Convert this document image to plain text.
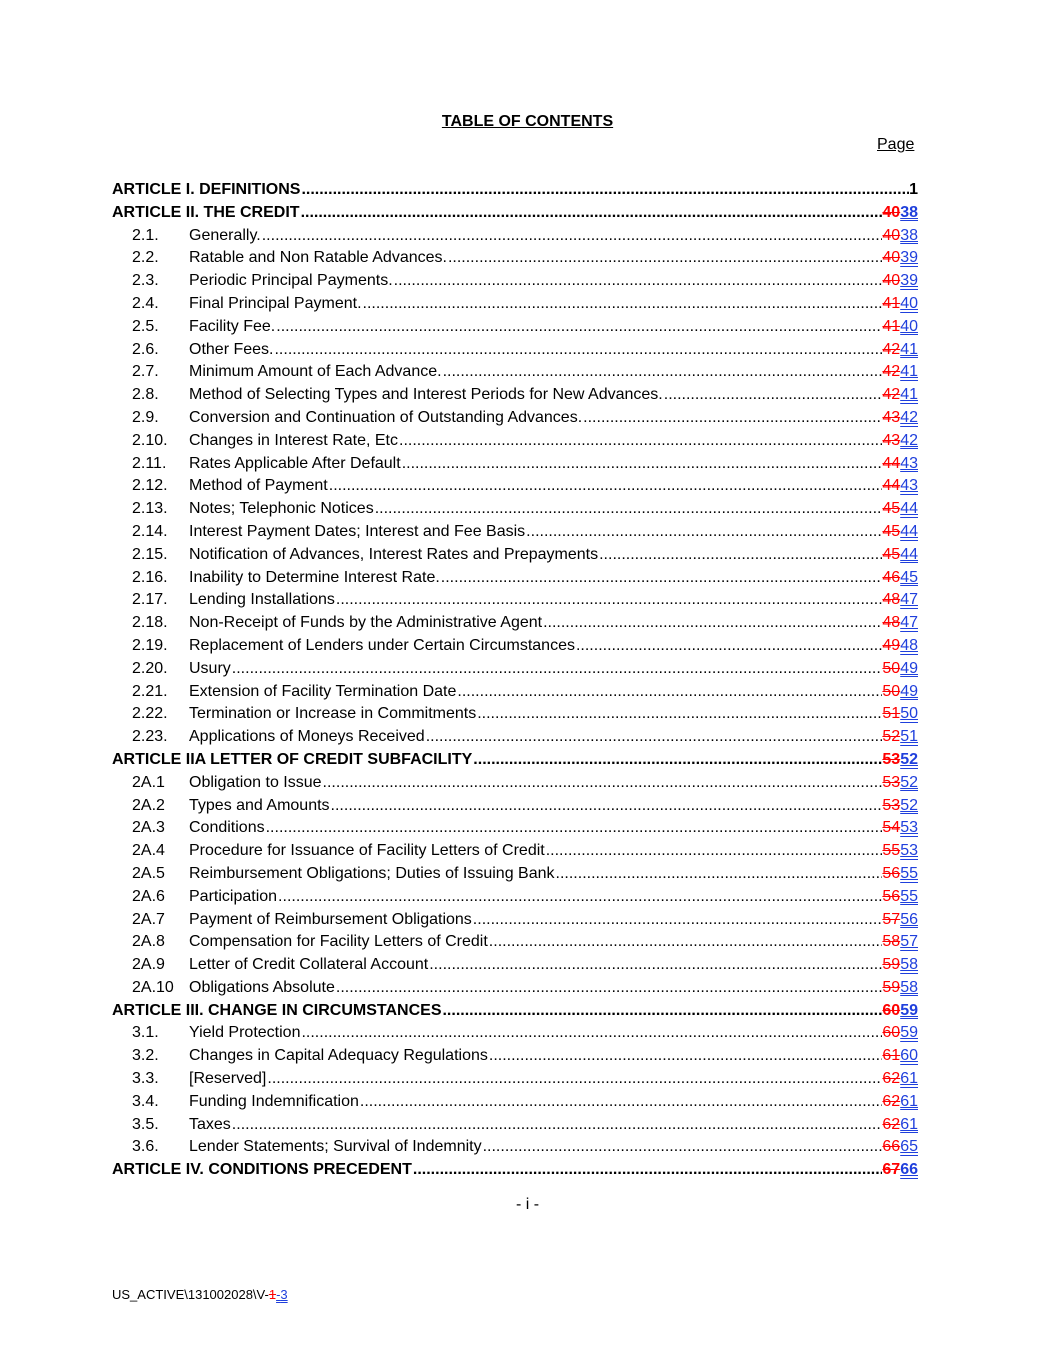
TABLE OF CONTENTS
Page
ARTICLE I. DEFINITIONS .....	1
ARTICLE II. THE CREDIT .....	4038
2.1.	Generally. .....	4038
2.2.	Ratable and Non Ratable Advances. .....	4039
2.3.	Periodic Principal Payments. .....	4039
2.4.	Final Principal Payment. .....	4140
2.5.	Facility Fee. .....	4140
2.6.	Other Fees. .....	4241
2.7.	Minimum Amount of Each Advance. .....	4241
2.8.	Method of Selecting Types and Interest Periods for New Advances. .....	4241
2.9.	Conversion and Continuation of Outstanding Advances. .....	4342
2.10.	Changes in Interest Rate, Etc .....	4342
2.11.	Rates Applicable After Default .....	4443
2.12.	Method of Payment .....	4443
2.13.	Notes; Telephonic Notices .....	4544
2.14.	Interest Payment Dates; Interest and Fee Basis .....	4544
2.15.	Notification of Advances, Interest Rates and Prepayments .....	4544
2.16.	Inability to Determine Interest Rate. .....	4645
2.17.	Lending Installations .....	4847
2.18.	Non-Receipt of Funds by the Administrative Agent .....	4847
2.19.	Replacement of Lenders under Certain Circumstances .....	4948
2.20.	Usury .....	5049
2.21.	Extension of Facility Termination Date .....	5049
2.22.	Termination or Increase in Commitments .....	5150
2.23.	Applications of Moneys Received .....	5251
ARTICLE IIA LETTER OF CREDIT SUBFACILITY .....	5352
2A.1	Obligation to Issue .....	5352
2A.2	Types and Amounts .....	5352
2A.3	Conditions .....	5453
2A.4	Procedure for Issuance of Facility Letters of Credit .....	5553
2A.5	Reimbursement Obligations; Duties of Issuing Bank .....	5655
2A.6	Participation .....	5655
2A.7	Payment of Reimbursement Obligations .....	5756
2A.8	Compensation for Facility Letters of Credit .....	5857
2A.9	Letter of Credit Collateral Account .....	5958
2A.10 Obligations Absolute .....	5958
ARTICLE III. CHANGE IN CIRCUMSTANCES .....	6059
3.1.	Yield Protection .....	6059
3.2.	Changes in Capital Adequacy Regulations .....	6160
3.3.	[Reserved] .....	6261
3.4.	Funding Indemnification .....	6261
3.5.	Taxes .....	6261
3.6.	Lender Statements; Survival of Indemnity .....	6665
ARTICLE IV. CONDITIONS PRECEDENT .....	6766
- i -
US_ACTIVE\131002028\V-1-3
